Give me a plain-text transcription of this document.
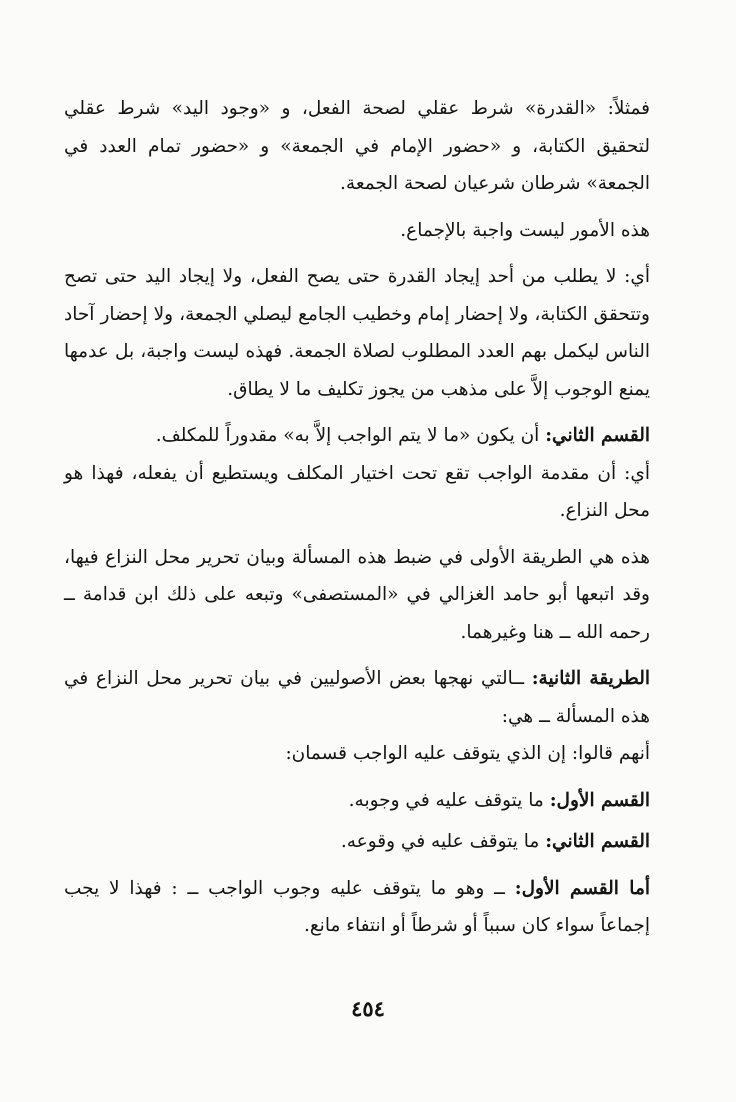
فمثلاً: «القدرة» شرط عقلي لصحة الفعل، و «وجود اليد» شرط عقلي لتحقيق الكتابة، و «حضور الإمام في الجمعة» و «حضور تمام العدد في الجمعة» شرطان شرعيان لصحة الجمعة.

هذه الأمور ليست واجبة بالإجماع.

أي: لا يطلب من أحد إيجاد القدرة حتى يصح الفعل، ولا إيجاد اليد حتى تصح وتتحقق الكتابة، ولا إحضار إمام وخطيب الجامع ليصلي الجمعة، ولا إحضار آحاد الناس ليكمل بهم العدد المطلوب لصلاة الجمعة. فهذه ليست واجبة، بل عدمها يمنع الوجوب إلاَّ على مذهب من يجوز تكليف ما لا يطاق.

القسم الثاني: أن يكون «ما لا يتم الواجب إلاَّ به» مقدوراً للمكلف.

أي: أن مقدمة الواجب تقع تحت اختيار المكلف ويستطيع أن يفعله، فهذا هو محل النزاع.

هذه هي الطريقة الأولى في ضبط هذه المسألة وبيان تحرير محل النزاع فيها، وقد اتبعها أبو حامد الغزالي في «المستصفى» وتبعه على ذلك ابن قدامة ــ رحمه الله ــ هنا وغيرهما.

الطريقة الثانية: ــالتي نهجها بعض الأصوليين في بيان تحرير محل النزاع في هذه المسألة ــ هي:

أنهم قالوا: إن الذي يتوقف عليه الواجب قسمان:

القسم الأول: ما يتوقف عليه في وجوبه.

القسم الثاني: ما يتوقف عليه في وقوعه.

أما القسم الأول: ــ وهو ما يتوقف عليه وجوب الواجب ــ : فهذا لا يجب إجماعاً سواء كان سبباً أو شرطاً أو انتفاء مانع.

٤٥٤
